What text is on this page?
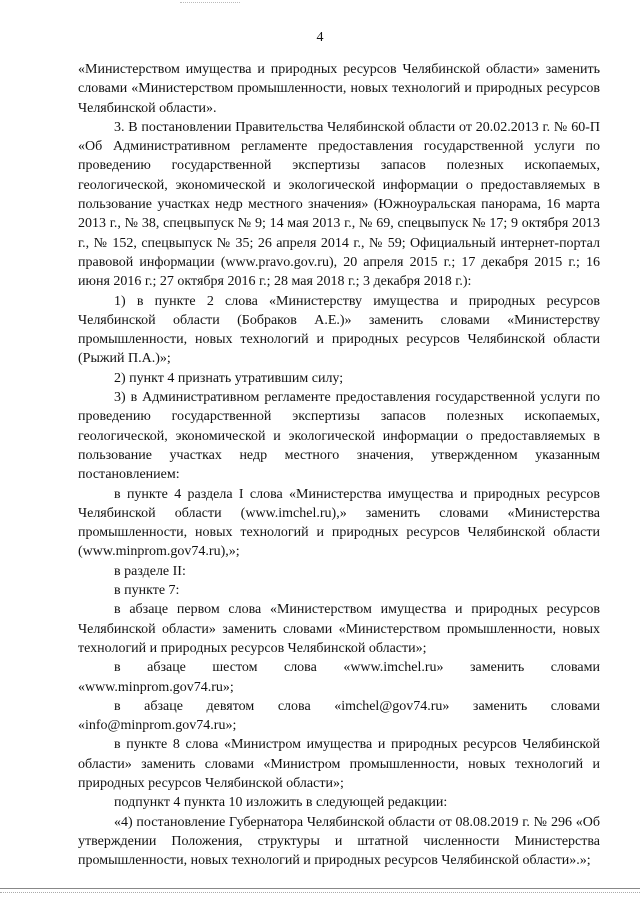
4

«Министерством имущества и природных ресурсов Челябинской области» заменить словами «Министерством промышленности, новых технологий и природных ресурсов Челябинской области».

3. В постановлении Правительства Челябинской области от 20.02.2013 г. № 60-П «Об Административном регламенте предоставления государственной услуги по проведению государственной экспертизы запасов полезных ископаемых, геологической, экономической и экологической информации о предоставляемых в пользование участках недр местного значения» (Южноуральская панорама, 16 марта 2013 г., № 38, спецвыпуск № 9; 14 мая 2013 г., № 69, спецвыпуск № 17; 9 октября 2013 г., № 152, спецвыпуск № 35; 26 апреля 2014 г., № 59; Официальный интернет-портал правовой информации (www.pravo.gov.ru), 20 апреля 2015 г.; 17 декабря 2015 г.; 16 июня 2016 г.; 27 октября 2016 г.; 28 мая 2018 г.; 3 декабря 2018 г.):

1) в пункте 2 слова «Министерству имущества и природных ресурсов Челябинской области (Бобраков А.Е.)» заменить словами «Министерству промышленности, новых технологий и природных ресурсов Челябинской области (Рыжий П.А.)»;

2) пункт 4 признать утратившим силу;

3) в Административном регламенте предоставления государственной услуги по проведению государственной экспертизы запасов полезных ископаемых, геологической, экономической и экологической информации о предоставляемых в пользование участках недр местного значения, утвержденном указанным постановлением:

в пункте 4 раздела I слова «Министерства имущества и природных ресурсов Челябинской области (www.imchel.ru),» заменить словами «Министерства промышленности, новых технологий и природных ресурсов Челябинской области (www.minprom.gov74.ru),»;

в разделе II:

в пункте 7:

в абзаце первом слова «Министерством имущества и природных ресурсов Челябинской области» заменить словами «Министерством промышленности, новых технологий и природных ресурсов Челябинской области»;

в абзаце шестом слова «www.imchel.ru» заменить словами «www.minprom.gov74.ru»;

в абзаце девятом слова «imchel@gov74.ru» заменить словами «info@minprom.gov74.ru»;

в пункте 8 слова «Министром имущества и природных ресурсов Челябинской области» заменить словами «Министром промышленности, новых технологий и природных ресурсов Челябинской области»;

подпункт 4 пункта 10 изложить в следующей редакции:

«4) постановление Губернатора Челябинской области от 08.08.2019 г. № 296 «Об утверждении Положения, структуры и штатной численности Министерства промышленности, новых технологий и природных ресурсов Челябинской области».»;
